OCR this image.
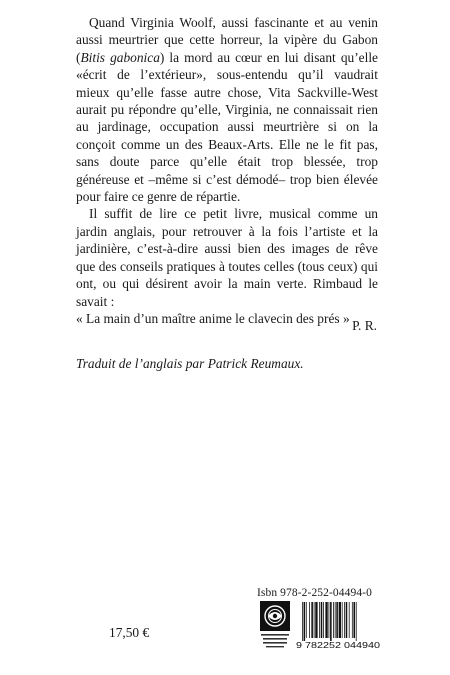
Quand Virginia Woolf, aussi fascinante et au venin aussi meurtrier que cette horreur, la vipère du Gabon (Bitis gabonica) la mord au cœur en lui disant qu’elle «écrit de l’extérieur», sous-entendu qu’il vaudrait mieux qu’elle fasse autre chose, Vita Sackville-West aurait pu répondre qu’elle, Virginia, ne connaissait rien au jardinage, occupation aussi meurtrière si on la conçoit comme un des Beaux-Arts. Elle ne le fit pas, sans doute parce qu’elle était trop blessée, trop généreuse et –même si c’est démodé– trop bien élevée pour faire ce genre de répartie.

Il suffit de lire ce petit livre, musical comme un jardin anglais, pour retrouver à la fois l’artiste et la jardinière, c’est-à-dire aussi bien des images de rêve que des conseils pratiques à toutes celles (tous ceux) qui ont, ou qui désirent avoir la main verte. Rimbaud le savait :

« La main d’un maître anime le clavecin des prés » P. R.
Traduit de l’anglais par Patrick Reumaux.
Isbn 978-2-252-04494-0
17,50 €
9 782252 044940
